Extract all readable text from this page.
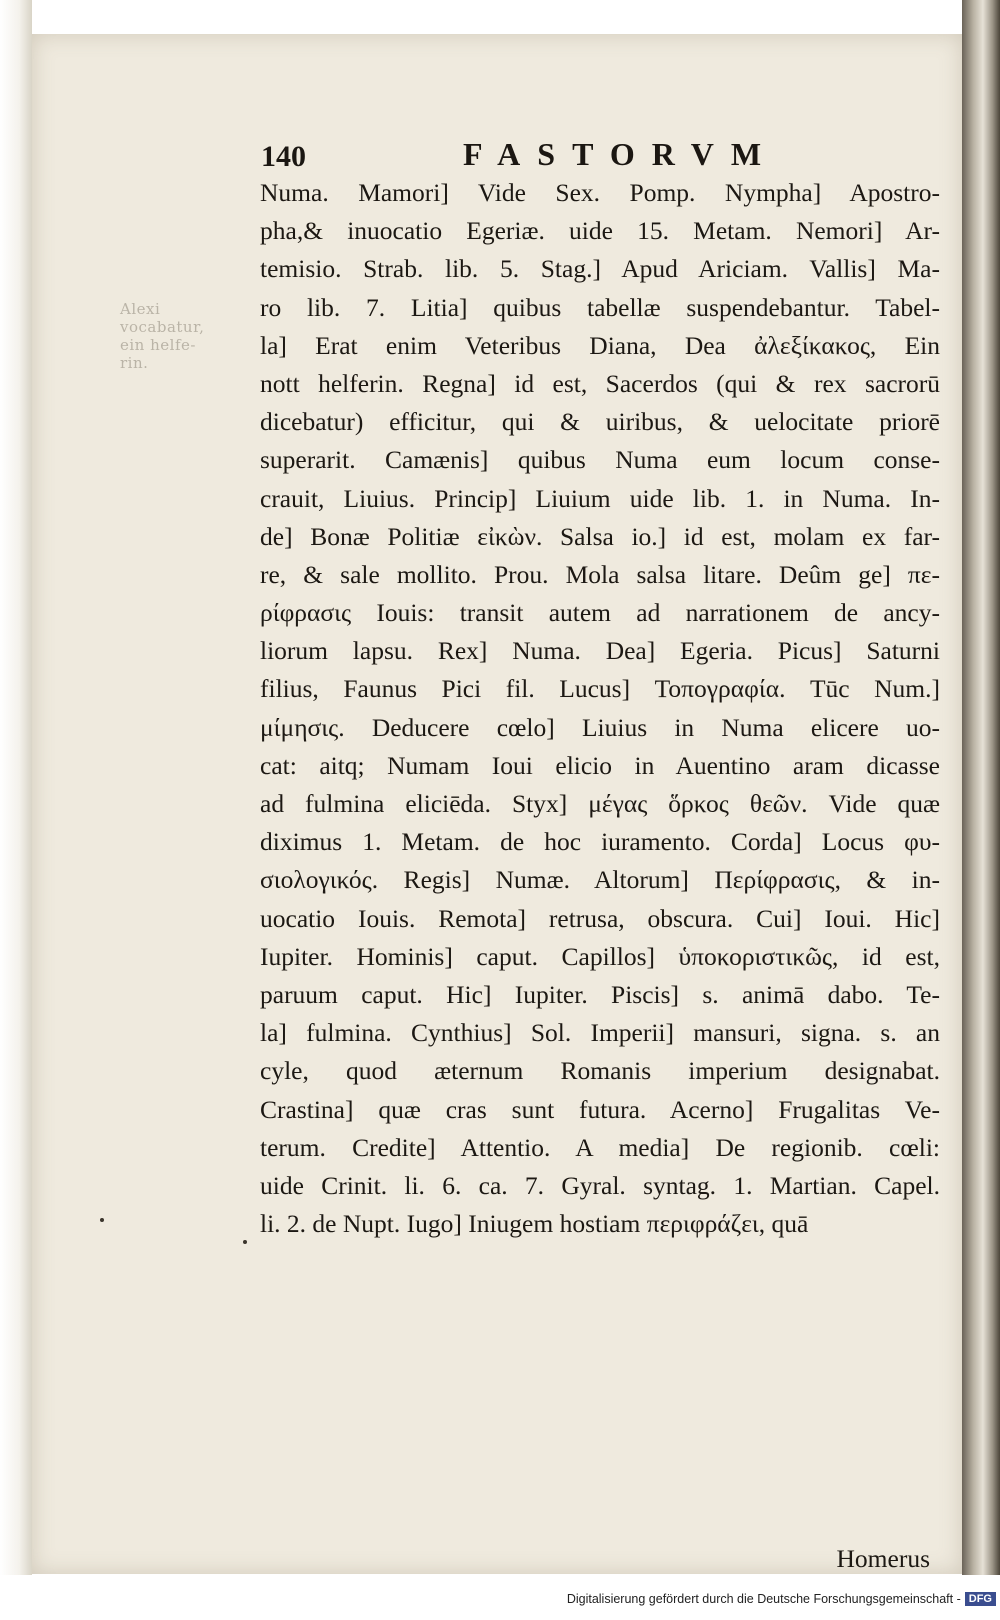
Alexi
vocabatur,
ein helfe-
rin.
140	FASTORVM
Numa. Mamori] Vide Sex. Pomp. Nympha] Apostro-
pha,& inuocatio Egeriæ. uide 15. Metam. Nemori] Ar-
temisio. Strab. lib. 5. Stag.] Apud Ariciam. Vallis] Ma-
ro lib. 7. Litia] quibus tabellæ suspendebantur. Tabel-
la] Erat enim Veteribus Diana, Dea ἀλεξίκακος, Ein
nott helferin. Regna] id est, Sacerdos (qui & rex sacrorū
dicebatur) efficitur, qui & uiribus, & uelocitate priorē
superarit. Camænis] quibus Numa eum locum conse-
crauit, Liuius. Princip] Liuium uide lib. 1. in Numa. In-
de] Bonæ Politiæ εἰκὼν. Salsa io.] id est, molam ex far-
re, & sale mollito. Prou. Mola salsa litare. Deûm ge] πε-
ρίφρασις Iouis: transit autem ad narrationem de ancy-
liorum lapsu. Rex] Numa. Dea] Egeria. Picus] Saturni
filius, Faunus Pici fil. Lucus] Τοπογραφία. Tūc Num.]
μίμησις. Deducere cœlo] Liuius in Numa elicere uo-
cat: aitq; Numam Ioui elicio in Auentino aram dicasse
ad fulmina eliciēda. Styx] μέγας ὅρκος θεῶν. Vide quæ
diximus 1. Metam. de hoc iuramento. Corda] Locus φυ-
σιολογικός. Regis] Numæ. Altorum] Περίφρασις, & in-
uocatio Iouis. Remota] retrusa, obscura. Cui] Ioui. Hic]
Iupiter. Hominis] caput. Capillos] ὑποκοριστικῶς, id est,
paruum caput. Hic] Iupiter. Piscis] s. animā dabo. Te-
la] fulmina. Cynthius] Sol. Imperii] mansuri, signa. s. an
cyle, quod æternum Romanis imperium designabat.
Crastina] quæ cras sunt futura. Acerno] Frugalitas Ve-
terum. Credite] Attentio. A media] De regionib. cœli:
uide Crinit. li. 6. ca. 7. Gyral. syntag. 1. Martian. Capel.
li. 2. de Nupt. Iugo] Iniugem hostiam περιφράζει, quā
Homerus
Digitalisierung gefördert durch die Deutsche Forschungsgemeinschaft - DFG
